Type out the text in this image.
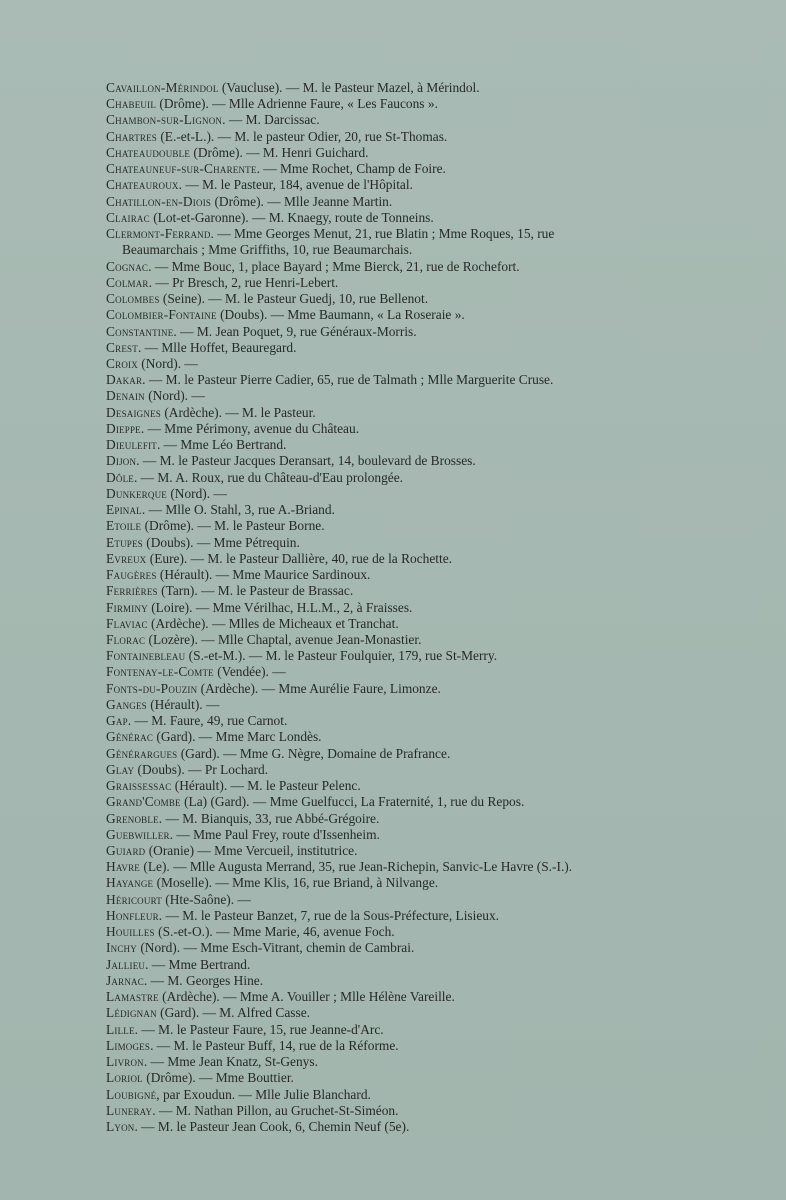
Cavaillon-Mérindol (Vaucluse). — M. le Pasteur Mazel, à Mérindol.

Chabeuil (Drôme). — Mlle Adrienne Faure, « Les Faucons ».

Chambon-sur-Lignon. — M. Darcissac.

Chartres (E.-et-L.). — M. le pasteur Odier, 20, rue St-Thomas.

Chateaudouble (Drôme). — M. Henri Guichard.

Chateauneuf-sur-Charente. — Mme Rochet, Champ de Foire.

Chateauroux. — M. le Pasteur, 184, avenue de l'Hôpital.

Chatillon-en-Diois (Drôme). — Mlle Jeanne Martin.

Clairac (Lot-et-Garonne). — M. Knaegy, route de Tonneins.

Clermont-Ferrand. — Mme Georges Menut, 21, rue Blatin ; Mme Roques, 15, rue Beaumarchais ; Mme Griffiths, 10, rue Beaumarchais.

Cognac. — Mme Bouc, 1, place Bayard ; Mme Bierck, 21, rue de Rochefort.

Colmar. — Pr Bresch, 2, rue Henri-Lebert.

Colombes (Seine). — M. le Pasteur Guedj, 10, rue Bellenot.

Colombier-Fontaine (Doubs). — Mme Baumann, « La Roseraie ».

Constantine. — M. Jean Poquet, 9, rue Généraux-Morris.

Crest. — Mlle Hoffet, Beauregard.

Croix (Nord). —

Dakar. — M. le Pasteur Pierre Cadier, 65, rue de Talmath ; Mlle Marguerite Cruse.

Denain (Nord). —

Desaignes (Ardèche). — M. le Pasteur.

Dieppe. — Mme Périmony, avenue du Château.

Dieulefit. — Mme Léo Bertrand.

Dijon. — M. le Pasteur Jacques Deransart, 14, boulevard de Brosses.

Dôle. — M. A. Roux, rue du Château-d'Eau prolongée.

Dunkerque (Nord). —

Epinal. — Mlle O. Stahl, 3, rue A.-Briand.

Etoile (Drôme). — M. le Pasteur Borne.

Etupes (Doubs). — Mme Pétrequin.

Evreux (Eure). — M. le Pasteur Dallière, 40, rue de la Rochette.

Faugères (Hérault). — Mme Maurice Sardinoux.

Ferrières (Tarn). — M. le Pasteur de Brassac.

Firminy (Loire). — Mme Vérilhac, H.L.M., 2, à Fraisses.

Flaviac (Ardèche). — Mlles de Micheaux et Tranchat.

Florac (Lozère). — Mlle Chaptal, avenue Jean-Monastier.

Fontainebleau (S.-et-M.). — M. le Pasteur Foulquier, 179, rue St-Merry.

Fontenay-le-Comte (Vendée). —

Fonts-du-Pouzin (Ardèche). — Mme Aurélie Faure, Limonze.

Ganges (Hérault). —

Gap. — M. Faure, 49, rue Carnot.

Générac (Gard). — Mme Marc Londès.

Générargues (Gard). — Mme G. Nègre, Domaine de Prafrance.

Glay (Doubs). — Pr Lochard.

Graissessac (Hérault). — M. le Pasteur Pelenc.

Grand'Combe (La) (Gard). — Mme Guelfucci, La Fraternité, 1, rue du Repos.

Grenoble. — M. Bianquis, 33, rue Abbé-Grégoire.

Guebwiller. — Mme Paul Frey, route d'Issenheim.

Guiard (Oranie) — Mme Vercueil, institutrice.

Havre (Le). — Mlle Augusta Merrand, 35, rue Jean-Richepin, Sanvic-Le Havre (S.-I.).

Hayange (Moselle). — Mme Klis, 16, rue Briand, à Nilvange.

Héricourt (Hte-Saône). —

Honfleur. — M. le Pasteur Banzet, 7, rue de la Sous-Préfecture, Lisieux.

Houilles (S.-et-O.). — Mme Marie, 46, avenue Foch.

Inchy (Nord). — Mme Esch-Vitrant, chemin de Cambrai.

Jallieu. — Mme Bertrand.

Jarnac. — M. Georges Hine.

Lamastre (Ardèche). — Mme A. Vouiller ; Mlle Hélène Vareille.

Lédignan (Gard). — M. Alfred Casse.

Lille. — M. le Pasteur Faure, 15, rue Jeanne-d'Arc.

Limoges. — M. le Pasteur Buff, 14, rue de la Réforme.

Livron. — Mme Jean Knatz, St-Genys.

Loriol (Drôme). — Mme Bouttier.

Loubigné, par Exoudun. — Mlle Julie Blanchard.

Luneray. — M. Nathan Pillon, au Gruchet-St-Siméon.

Lyon. — M. le Pasteur Jean Cook, 6, Chemin Neuf (5e).
